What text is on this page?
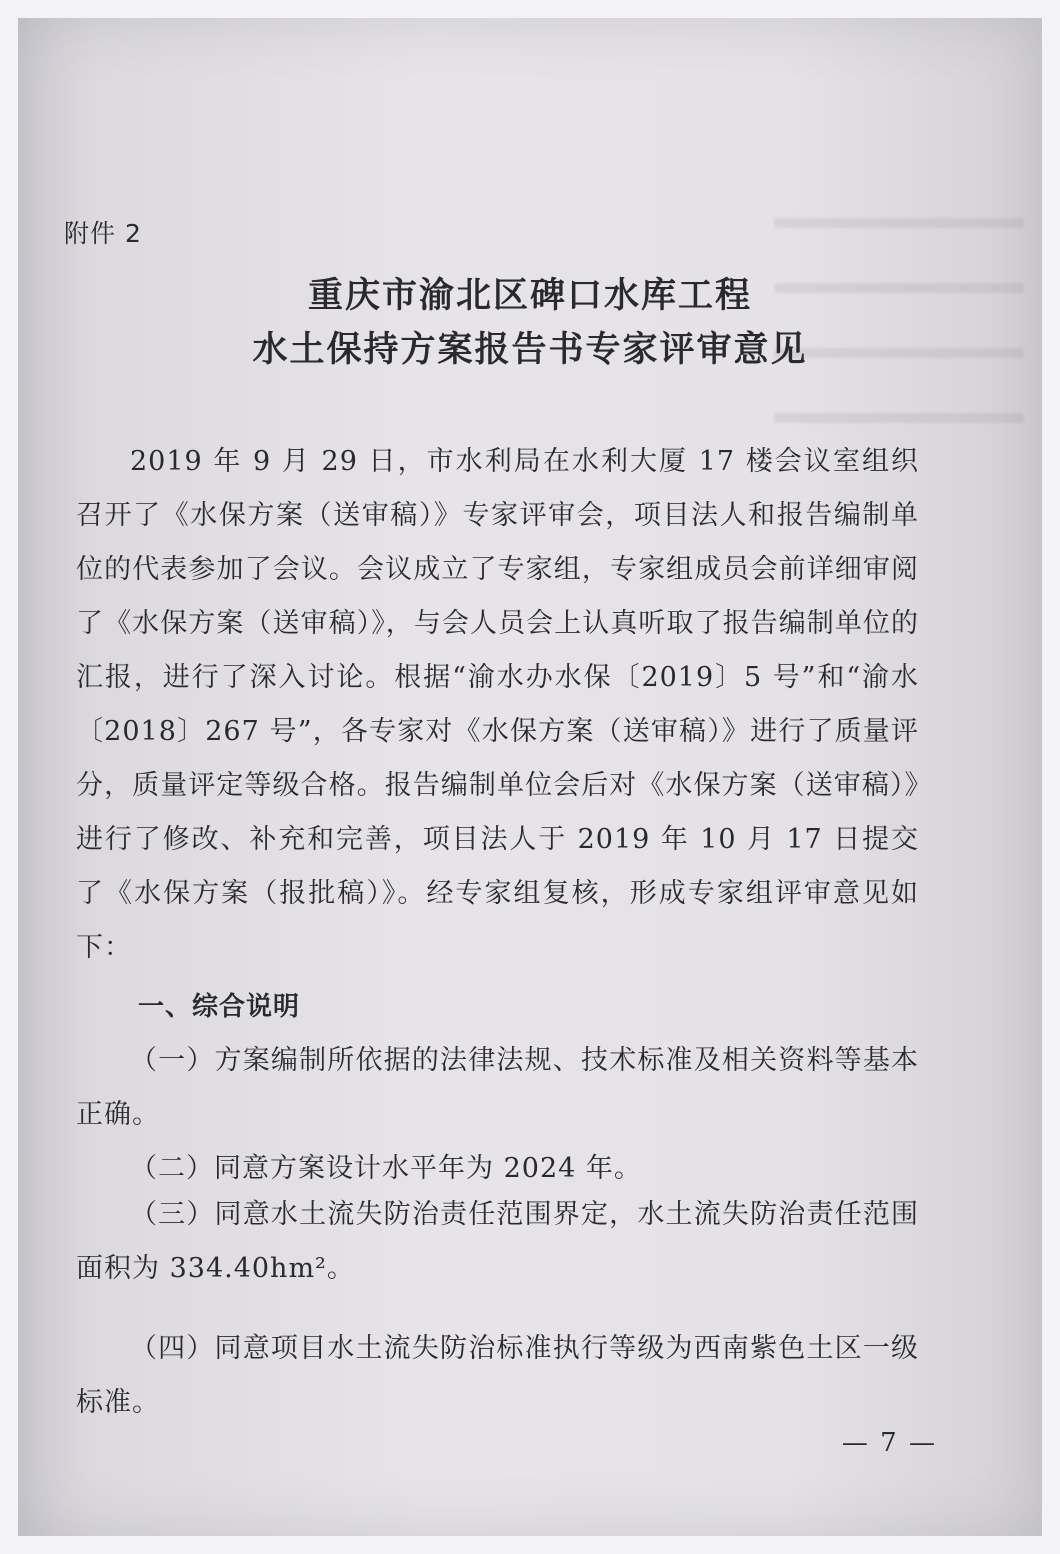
附件 2
重庆市渝北区碑口水库工程
水土保持方案报告书专家评审意见
2019 年 9 月 29 日，市水利局在水利大厦 17 楼会议室组织召开了《水保方案（送审稿）》专家评审会，项目法人和报告编制单位的代表参加了会议。会议成立了专家组，专家组成员会前详细审阅了《水保方案（送审稿）》，与会人员会上认真听取了报告编制单位的汇报，进行了深入讨论。根据“渝水办水保〔2019〕5 号”和“渝水〔2018〕267 号”，各专家对《水保方案（送审稿）》进行了质量评分，质量评定等级合格。报告编制单位会后对《水保方案（送审稿）》进行了修改、补充和完善，项目法人于 2019 年 10 月 17 日提交了《水保方案（报批稿）》。经专家组复核，形成专家组评审意见如下：
一、综合说明
（一）方案编制所依据的法律法规、技术标准及相关资料等基本正确。
（二）同意方案设计水平年为 2024 年。
（三）同意水土流失防治责任范围界定，水土流失防治责任范围面积为 334.40hm²。
（四）同意项目水土流失防治标准执行等级为西南紫色土区一级标准。
— 7 —
